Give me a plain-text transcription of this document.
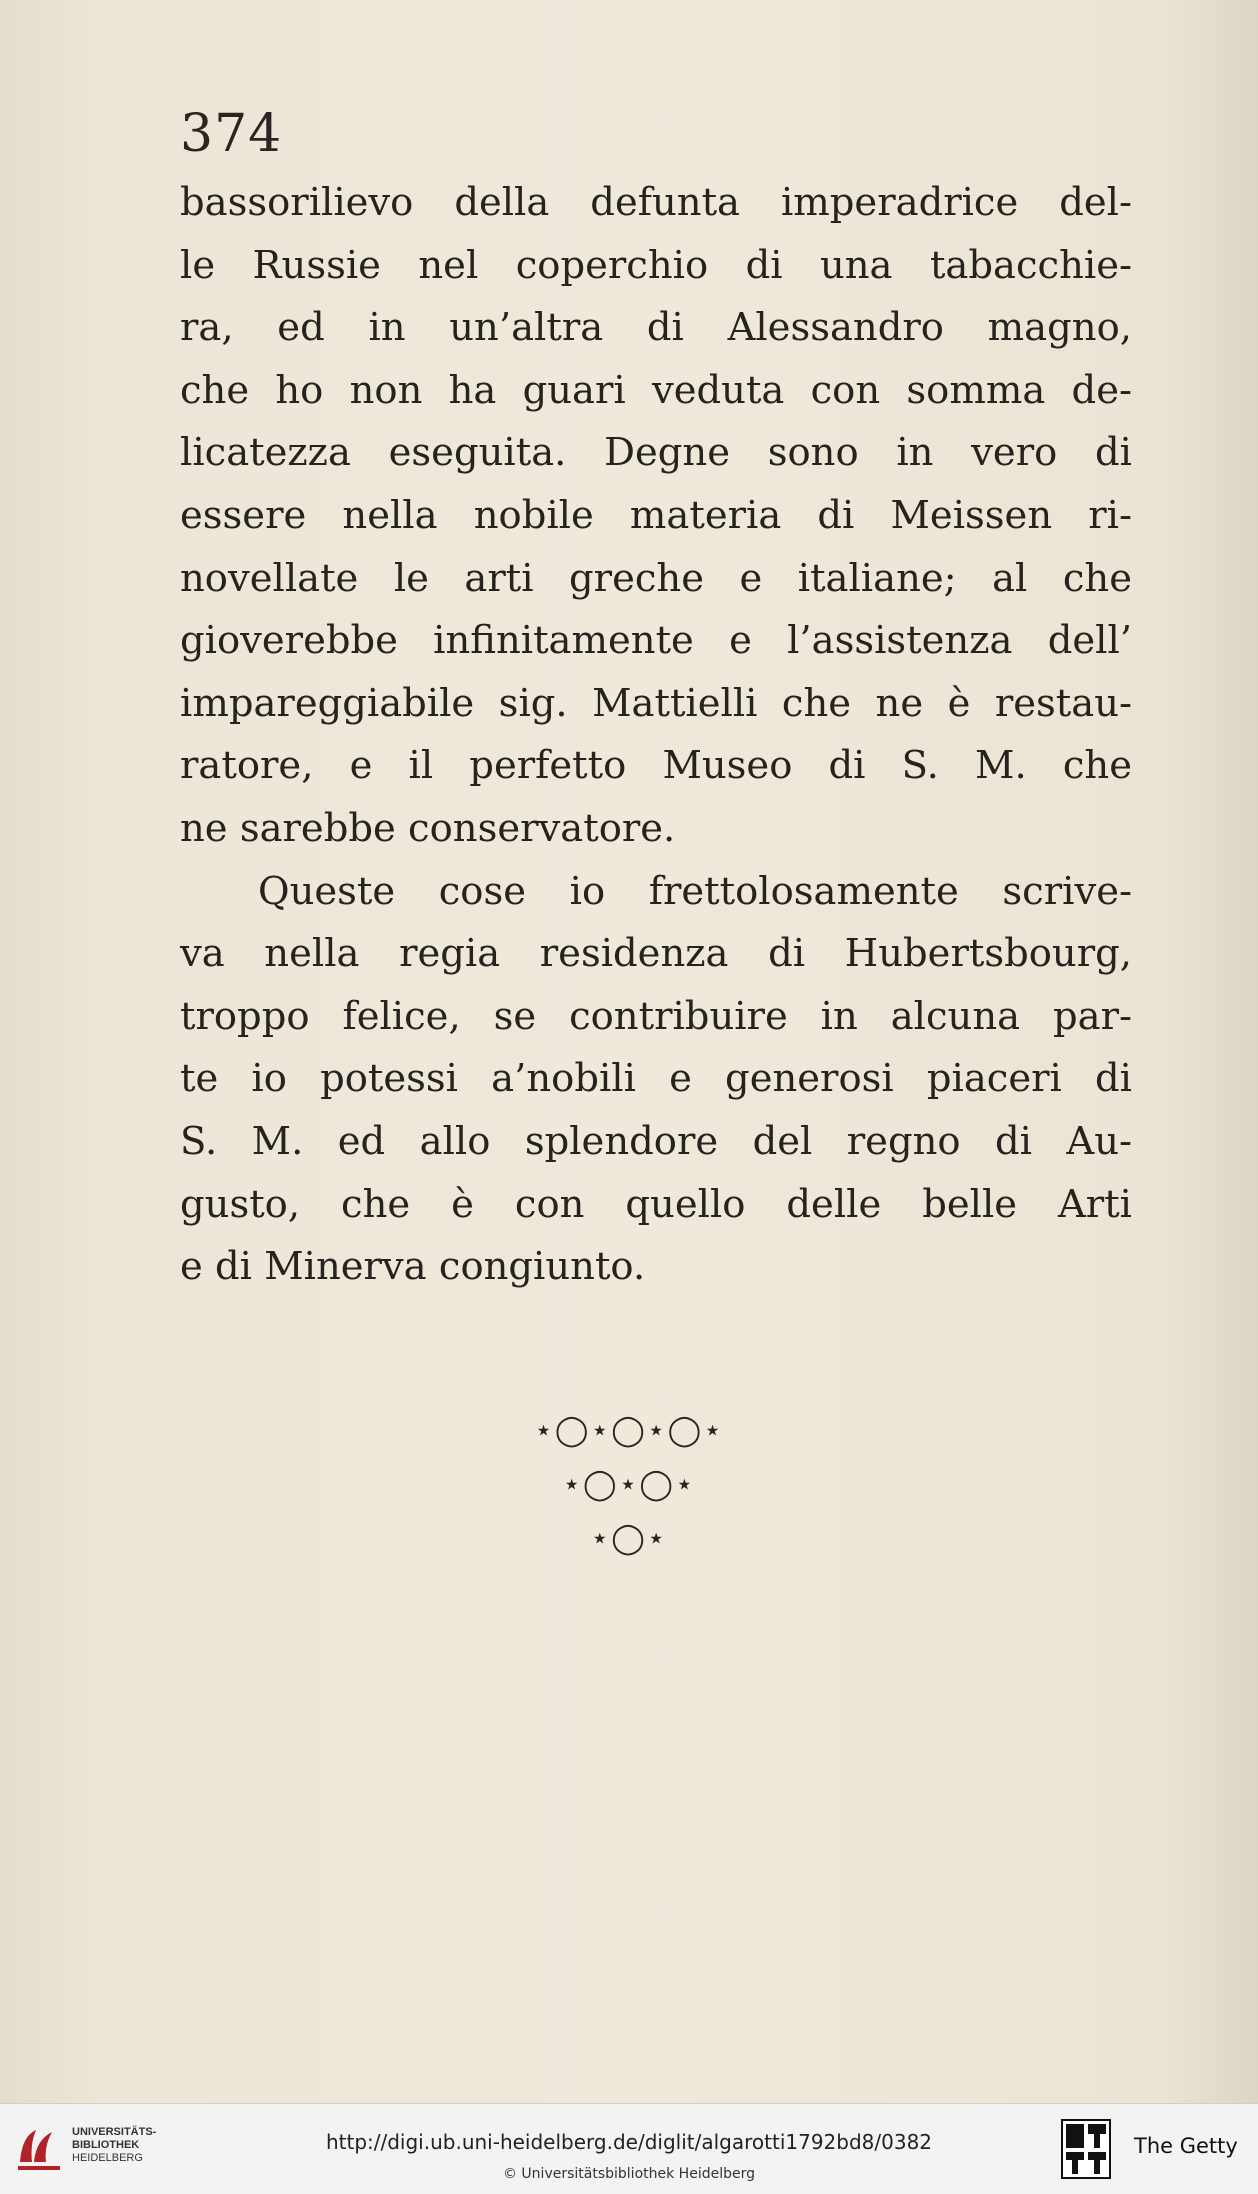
374
bassorilievo della defunta imperadrice del-
le Russie nel coperchio di una tabacchie-
ra, ed in un’altra di Alessandro magno,
che ho non ha guari veduta con somma de-
licatezza eseguita. Degne sono in vero di
essere nella nobile materia di Meissen ri-
novellate le arti greche e italiane; al che
gioverebbe infinitamente e l’assistenza dell’
impareggiabile sig. Mattielli che ne è restau-
ratore, e il perfetto Museo di S. M. che
ne sarebbe conservatore.
Queste cose io frettolosamente scrive-
va nella regia residenza di Hubertsbourg,
troppo felice, se contribuire in alcuna par-
te io potessi a’nobili e generosi piaceri di
S. M. ed allo splendore del regno di Au-
gusto, che è con quello delle belle Arti
e di Minerva congiunto.
⋆◯⋆◯⋆◯⋆
⋆◯⋆◯⋆
⋆◯⋆
UNIVERSITÄTS-
BIBLIOTHEK
HEIDELBERG
http://digi.ub.uni-heidelberg.de/diglit/algarotti1792bd8/0382
© Universitätsbibliothek Heidelberg
The Getty
